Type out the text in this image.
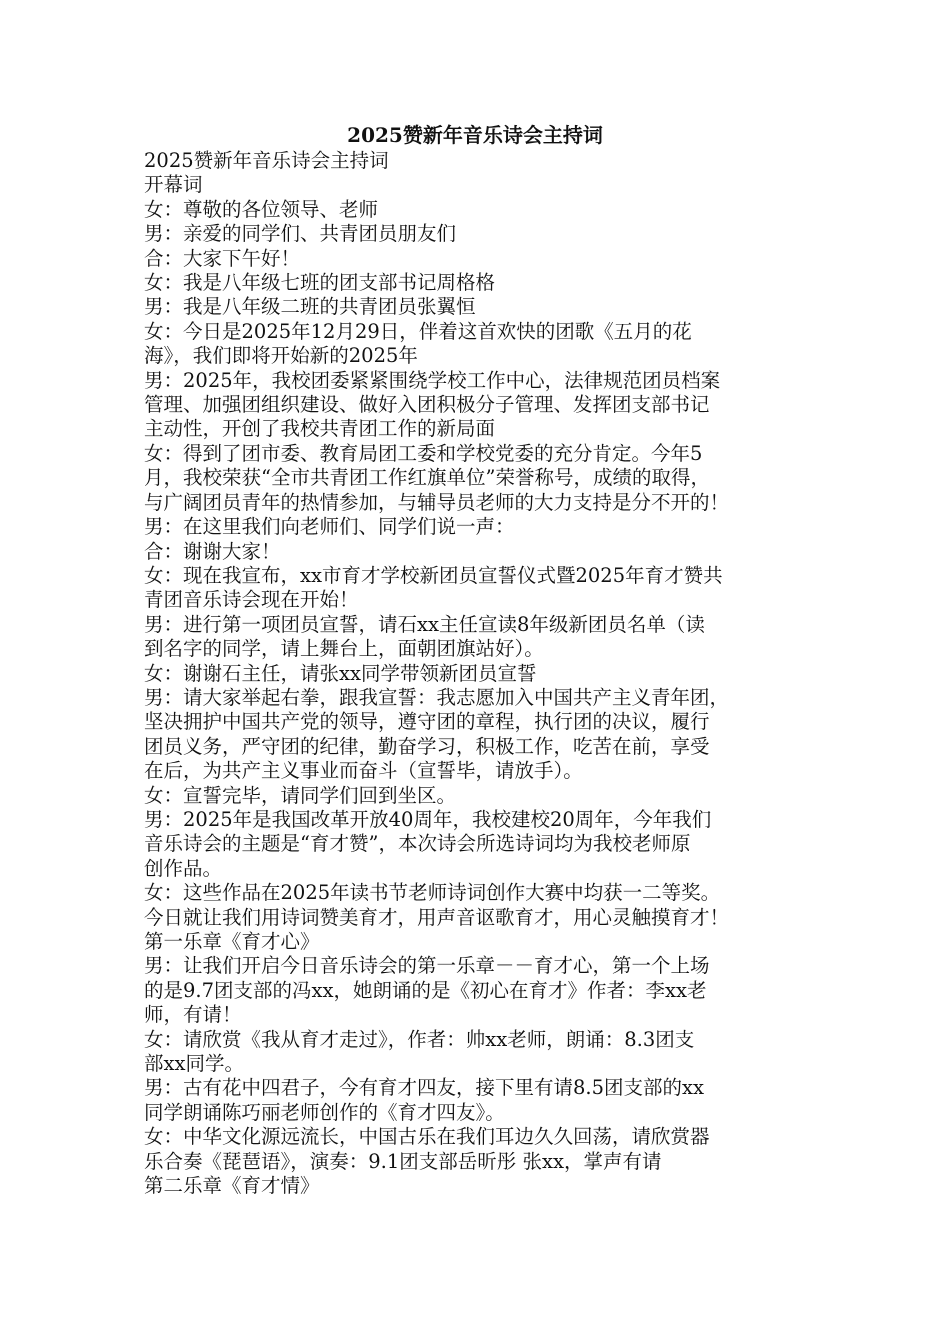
2025赞新年音乐诗会主持词

2025赞新年音乐诗会主持词

开幕词

女：尊敬的各位领导、老师

男：亲爱的同学们、共青团员朋友们

合：大家下午好！

女：我是八年级七班的团支部书记周格格

男：我是八年级二班的共青团员张翼恒

女：今日是2025年12月29日，伴着这首欢快的团歌《五月的花

海》，我们即将开始新的2025年

男：2025年，我校团委紧紧围绕学校工作中心，法律规范团员档案

管理、加强团组织建设、做好入团积极分子管理、发挥团支部书记

主动性，开创了我校共青团工作的新局面

女：得到了团市委、教育局团工委和学校党委的充分肯定。今年5

月，我校荣获“全市共青团工作红旗单位”荣誉称号，成绩的取得，

与广阔团员青年的热情参加，与辅导员老师的大力支持是分不开的！

男：在这里我们向老师们、同学们说一声：

合：谢谢大家！

女：现在我宣布，xx市育才学校新团员宣誓仪式暨2025年育才赞共

青团音乐诗会现在开始！

男：进行第一项团员宣誓，请石xx主任宣读8年级新团员名单（读

到名字的同学，请上舞台上，面朝团旗站好）。

女：谢谢石主任，请张xx同学带领新团员宣誓

男：请大家举起右拳，跟我宣誓：我志愿加入中国共产主义青年团，

坚决拥护中国共产党的领导，遵守团的章程，执行团的决议，履行

团员义务，严守团的纪律，勤奋学习，积极工作，吃苦在前，享受

在后，为共产主义事业而奋斗（宣誓毕，请放手）。

女：宣誓完毕，请同学们回到坐区。

男：2025年是我国改革开放40周年，我校建校20周年，今年我们

音乐诗会的主题是“育才赞”，本次诗会所选诗词均为我校老师原

创作品。

女：这些作品在2025年读书节老师诗词创作大赛中均获一二等奖。

今日就让我们用诗词赞美育才，用声音讴歌育才，用心灵触摸育才！

第一乐章《育才心》

男：让我们开启今日音乐诗会的第一乐章－－育才心，第一个上场

的是9.7团支部的冯xx，她朗诵的是《初心在育才》作者：李xx老

师，有请！

女：请欣赏《我从育才走过》，作者：帅xx老师，朗诵：8.3团支

部xx同学。

男：古有花中四君子，今有育才四友，接下里有请8.5团支部的xx

同学朗诵陈巧丽老师创作的《育才四友》。

女：中华文化源远流长，中国古乐在我们耳边久久回荡，请欣赏器

乐合奏《琵琶语》，演奏：9.1团支部岳昕彤 张xx，掌声有请

第二乐章《育才情》
